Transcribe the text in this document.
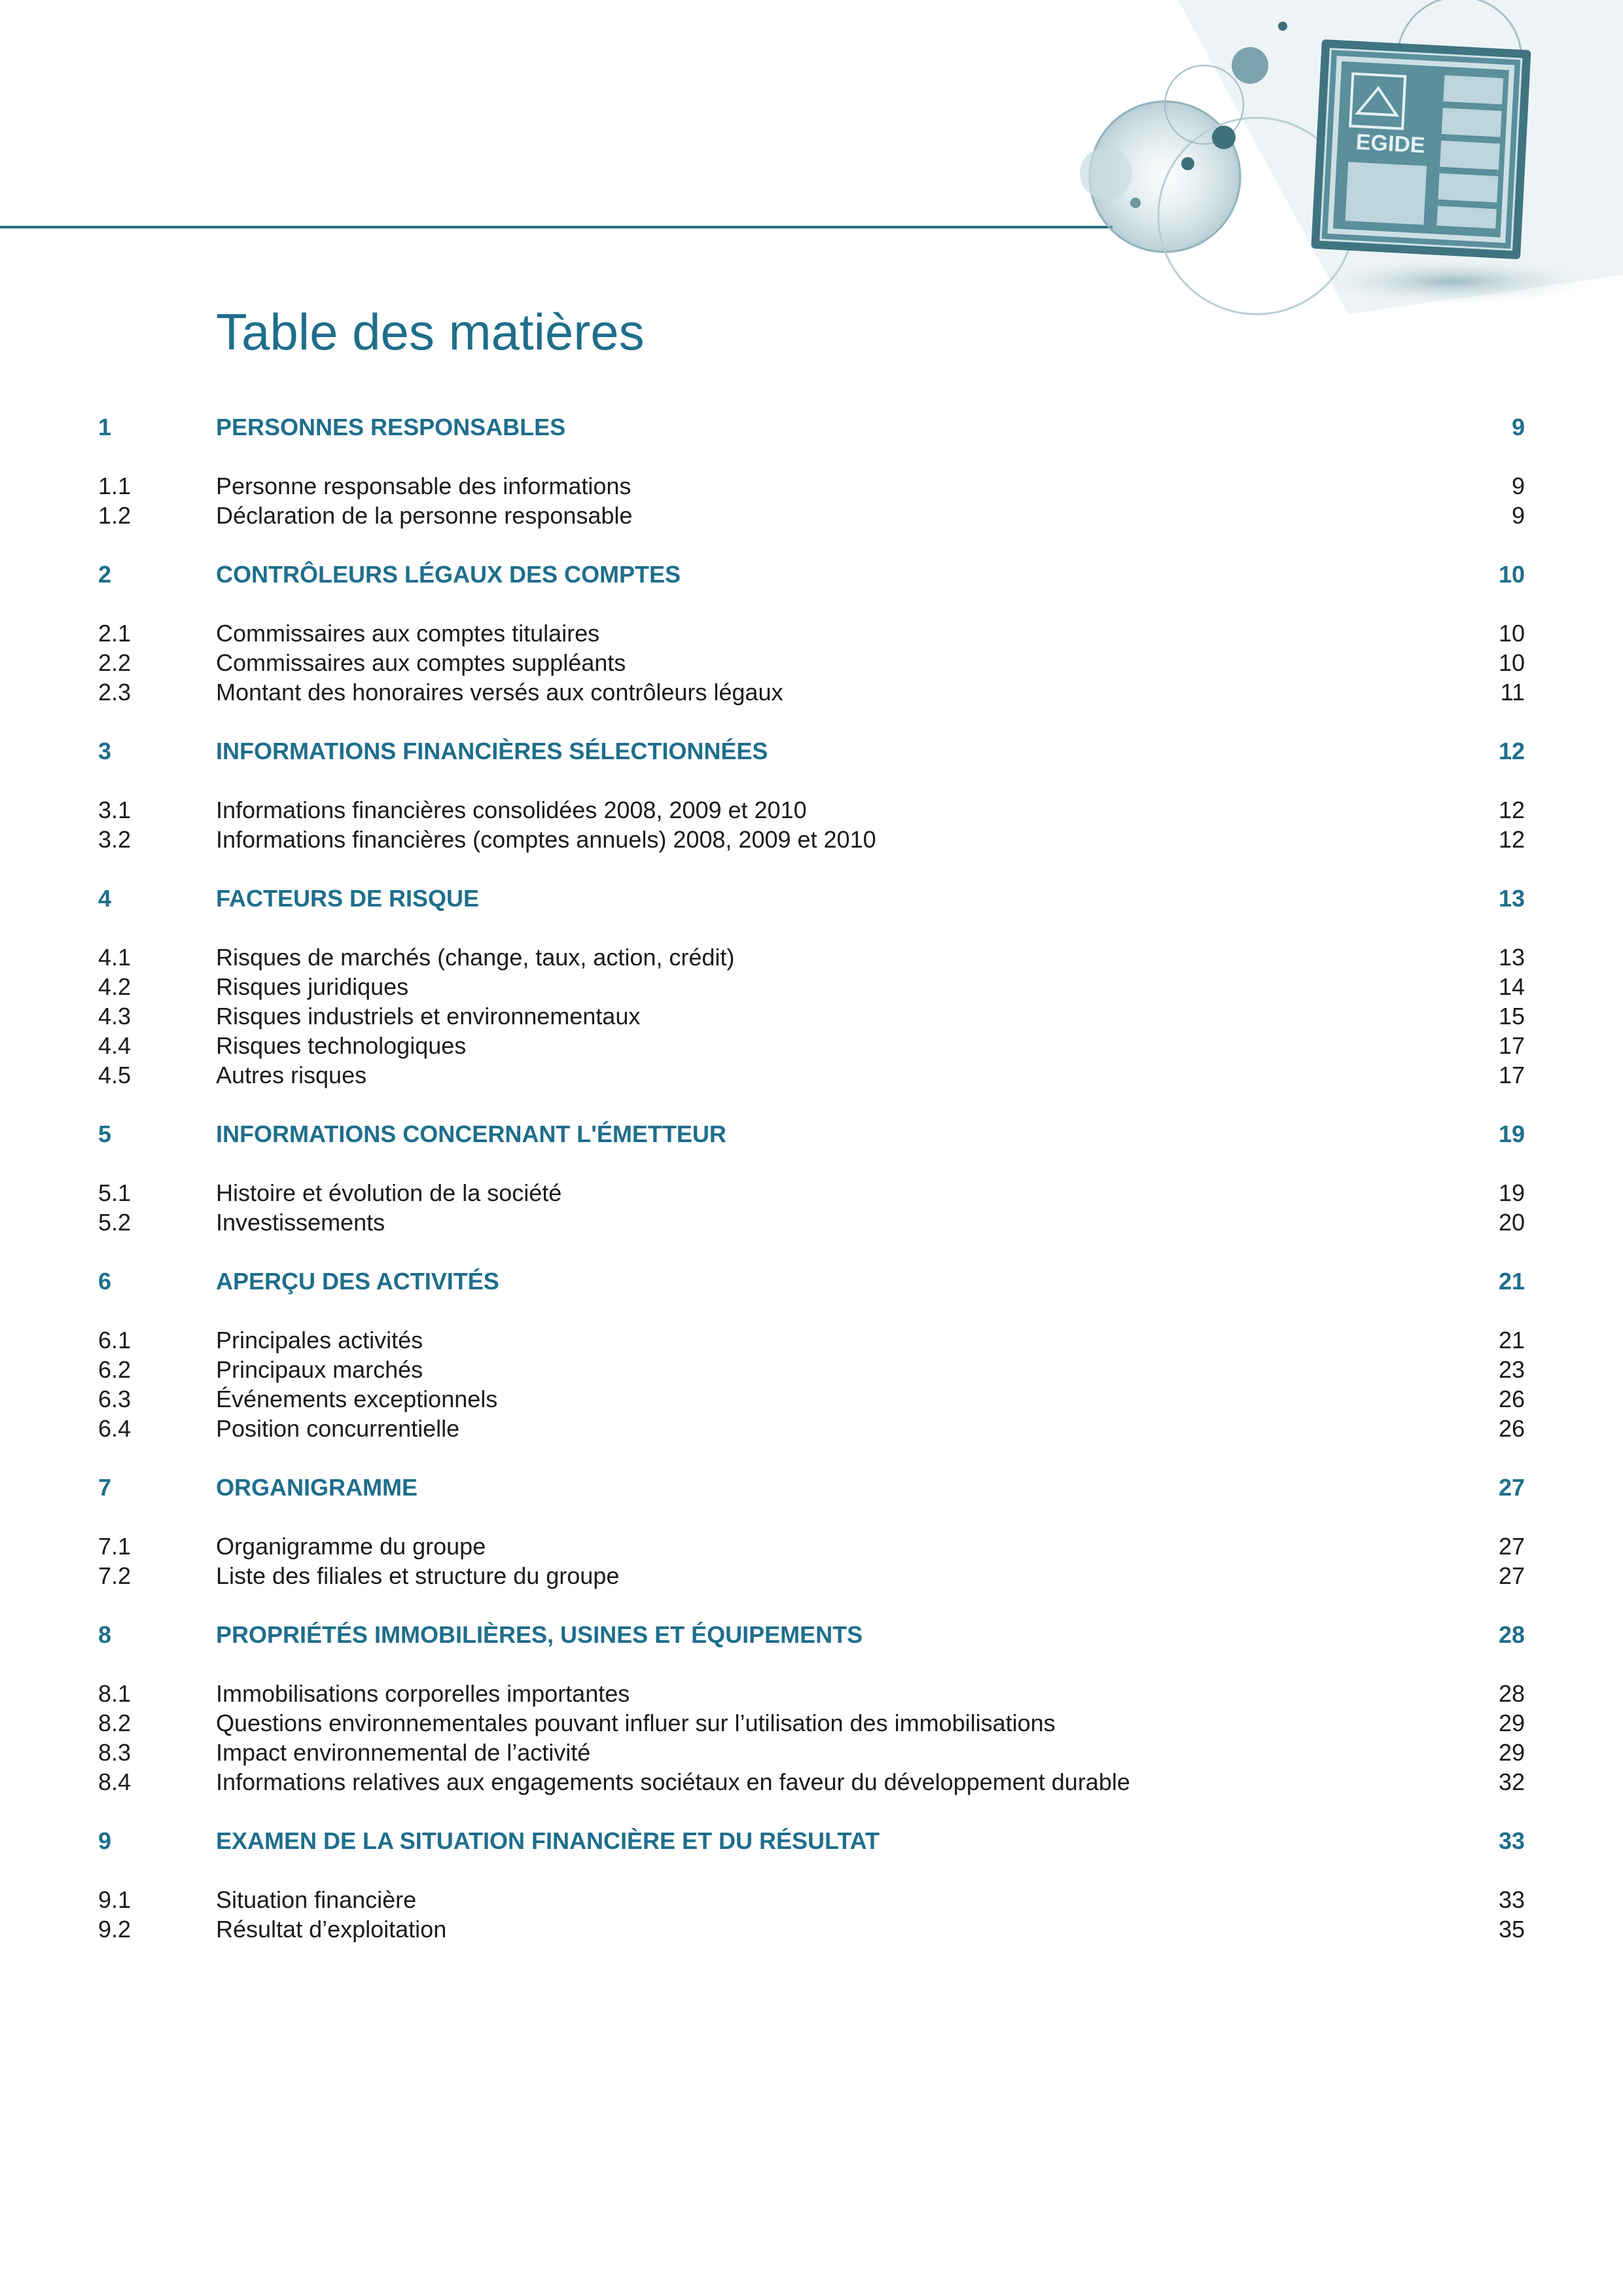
EGIDE
Table des matières
1	PERSONNES RESPONSABLES	9
1.1	Personne responsable des informations	9
1.2	Déclaration de la personne responsable	9
2	CONTRÔLEURS LÉGAUX DES COMPTES	10
2.1	Commissaires aux comptes titulaires	10
2.2	Commissaires aux comptes suppléants	10
2.3	Montant des honoraires versés aux contrôleurs légaux	11
3	INFORMATIONS FINANCIÈRES SÉLECTIONNÉES	12
3.1	Informations financières consolidées 2008, 2009 et 2010	12
3.2	Informations financières (comptes annuels) 2008, 2009 et 2010	12
4	FACTEURS DE RISQUE	13
4.1	Risques de marchés (change, taux, action, crédit)	13
4.2	Risques juridiques	14
4.3	Risques industriels et environnementaux	15
4.4	Risques technologiques	17
4.5	Autres risques	17
5	INFORMATIONS CONCERNANT L'ÉMETTEUR	19
5.1	Histoire et évolution de la société	19
5.2	Investissements	20
6	APERÇU DES ACTIVITÉS	21
6.1	Principales activités	21
6.2	Principaux marchés	23
6.3	Événements exceptionnels	26
6.4	Position concurrentielle	26
7	ORGANIGRAMME	27
7.1	Organigramme du groupe	27
7.2	Liste des filiales et structure du groupe	27
8	PROPRIÉTÉS IMMOBILIÈRES, USINES ET ÉQUIPEMENTS	28
8.1	Immobilisations corporelles importantes	28
8.2	Questions environnementales pouvant influer sur l’utilisation des immobilisations	29
8.3	Impact environnemental de l’activité	29
8.4	Informations relatives aux engagements sociétaux en faveur du développement durable	32
9	EXAMEN DE LA SITUATION FINANCIÈRE ET DU RÉSULTAT	33
9.1	Situation financière	33
9.2	Résultat d’exploitation	35
